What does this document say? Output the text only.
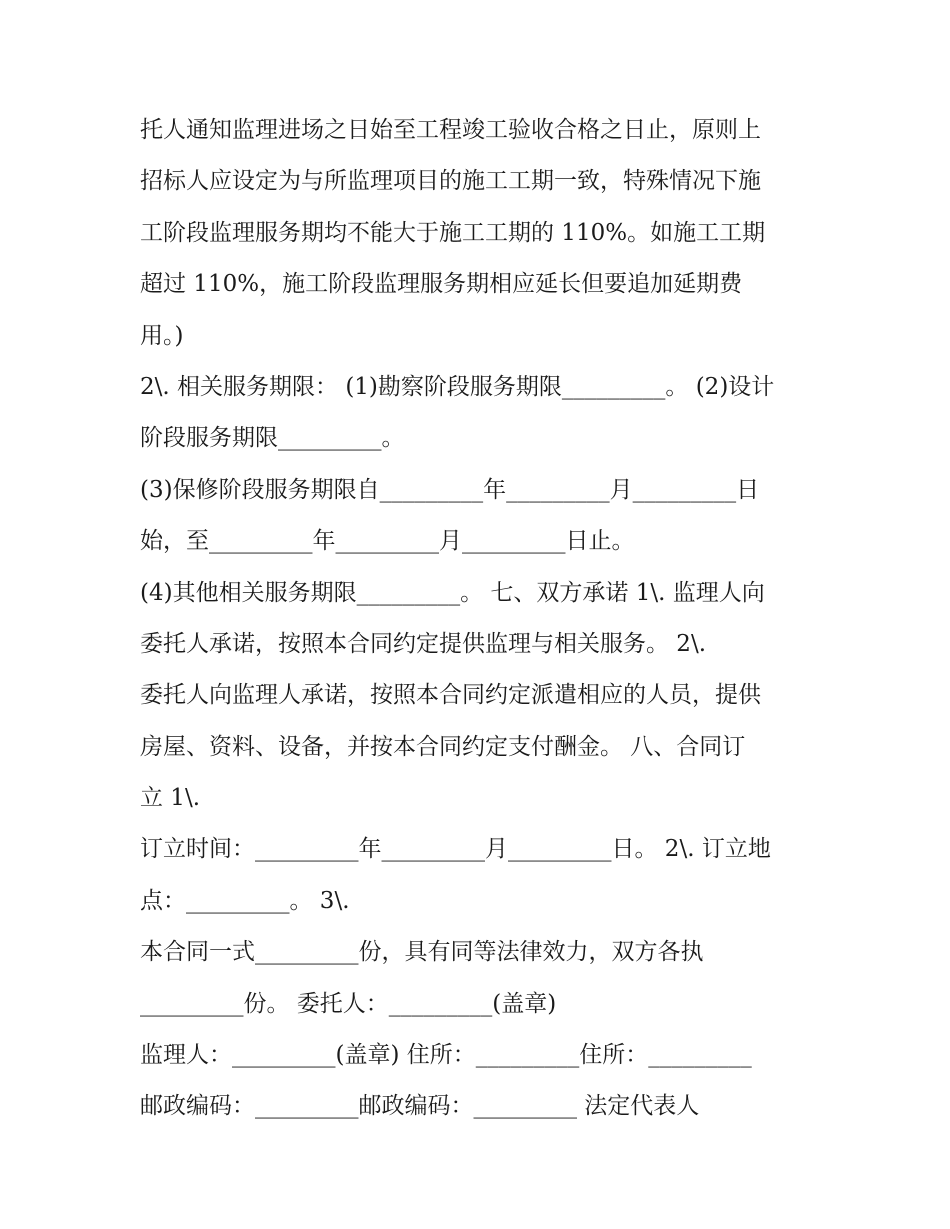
托人通知监理进场之日始至工程竣工验收合格之日止，原则上
招标人应设定为与所监理项目的施工工期一致，特殊情况下施
工阶段监理服务期均不能大于施工工期的 110%。如施工工期
超过 110%，施工阶段监理服务期相应延长但要追加延期费
用。)
2\. 相关服务期限： (1)勘察阶段服务期限_________。 (2)设计
阶段服务期限_________。
(3)保修阶段服务期限自_________年_________月_________日
始，至_________年_________月_________日止。
(4)其他相关服务期限_________。 七、双方承诺 1\. 监理人向
委托人承诺，按照本合同约定提供监理与相关服务。 2\.
委托人向监理人承诺，按照本合同约定派遣相应的人员，提供
房屋、资料、设备，并按本合同约定支付酬金。 八、合同订
立 1\.
订立时间：_________年_________月_________日。 2\. 订立地
点：_________。 3\.
本合同一式_________份，具有同等法律效力，双方各执
_________份。 委托人：_________(盖章)
监理人：_________(盖章) 住所：_________住所：_________
邮政编码：_________邮政编码：_________ 法定代表人
